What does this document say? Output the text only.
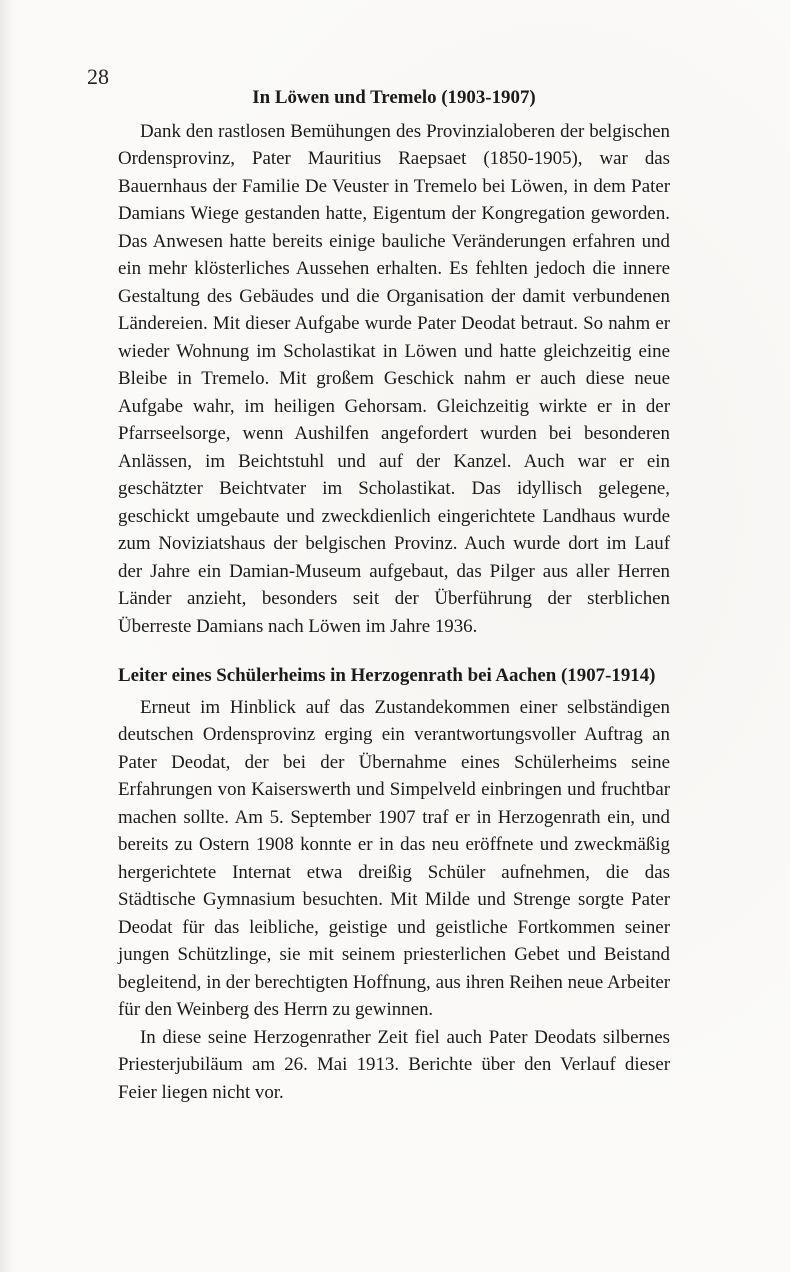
28

In Löwen und Tremelo (1903-1907)

Dank den rastlosen Bemühungen des Provinzialoberen der belgischen Ordensprovinz, Pater Mauritius Raepsaet (1850-1905), war das Bauernhaus der Familie De Veuster in Tremelo bei Löwen, in dem Pater Damians Wiege gestanden hatte, Eigentum der Kongregation geworden. Das Anwesen hatte bereits einige bauliche Veränderungen erfahren und ein mehr klösterliches Aussehen erhalten. Es fehlten jedoch die innere Gestaltung des Gebäudes und die Organisation der damit verbundenen Ländereien. Mit dieser Aufgabe wurde Pater Deodat betraut. So nahm er wieder Wohnung im Scholastikat in Löwen und hatte gleichzeitig eine Bleibe in Tremelo. Mit großem Geschick nahm er auch diese neue Aufgabe wahr, im heiligen Gehorsam. Gleichzeitig wirkte er in der Pfarrseelsorge, wenn Aushilfen angefordert wurden bei besonderen Anlässen, im Beichtstuhl und auf der Kanzel. Auch war er ein geschätzter Beichtvater im Scholastikat. Das idyllisch gelegene, geschickt umgebaute und zweckdienlich eingerichtete Landhaus wurde zum Noviziatshaus der belgischen Provinz. Auch wurde dort im Lauf der Jahre ein Damian-Museum aufgebaut, das Pilger aus aller Herren Länder anzieht, besonders seit der Überführung der sterblichen Überreste Damians nach Löwen im Jahre 1936.

Leiter eines Schülerheims in Herzogenrath bei Aachen (1907-1914)

Erneut im Hinblick auf das Zustandekommen einer selbständigen deutschen Ordensprovinz erging ein verantwortungsvoller Auftrag an Pater Deodat, der bei der Übernahme eines Schülerheims seine Erfahrungen von Kaiserswerth und Simpelveld einbringen und fruchtbar machen sollte. Am 5. September 1907 traf er in Herzogenrath ein, und bereits zu Ostern 1908 konnte er in das neu eröffnete und zweckmäßig hergerichtete Internat etwa dreißig Schüler aufnehmen, die das Städtische Gymnasium besuchten. Mit Milde und Strenge sorgte Pater Deodat für das leibliche, geistige und geistliche Fortkommen seiner jungen Schützlinge, sie mit seinem priesterlichen Gebet und Beistand begleitend, in der berechtigten Hoffnung, aus ihren Reihen neue Arbeiter für den Weinberg des Herrn zu gewinnen.

In diese seine Herzogenrather Zeit fiel auch Pater Deodats silbernes Priesterjubiläum am 26. Mai 1913. Berichte über den Verlauf dieser Feier liegen nicht vor.
